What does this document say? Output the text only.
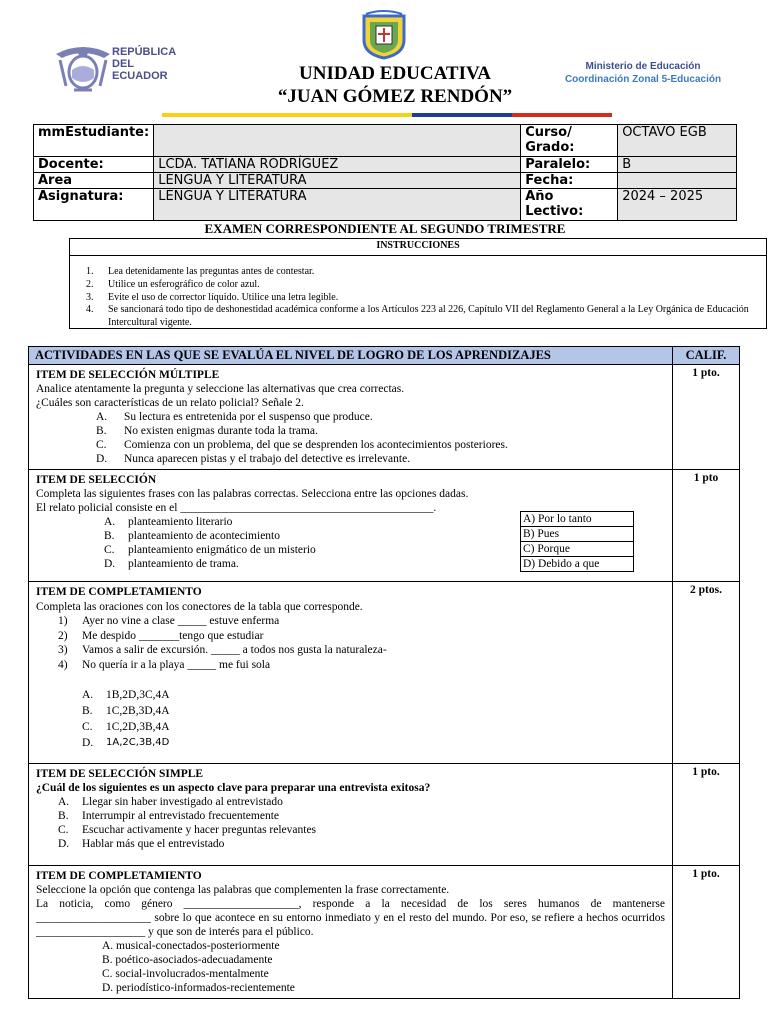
REPÚBLICA
DEL ECUADOR	UNIDAD EDUCATIVA
“JUAN GÓMEZ RENDÓN”
Ministerio de Educación
Coordinación Zonal 5-Educación
mmEstudiante:		Curso/ Grado:	OCTAVO EGB
Docente:	LCDA. TATIANA RODRÍGUEZ	Paralelo:	B
Area	LENGUA Y LITERATURA	Fecha:	
Asignatura:	LENGUA Y LITERATURA	Año Lectivo:	2024 – 2025
EXAMEN CORRESPONDIENTE AL SEGUNDO TRIMESTRE
INSTRUCCIONES
1.	Lea detenidamente las preguntas antes de contestar.
2.	Utilice un esferográfico de color azul.
3.	Evite el uso de corrector líquido. Utilice una letra legible.
4.	Se sancionará todo tipo de deshonestidad académica conforme a los Artículos 223 al 226, Capítulo VII del Reglamento General a la Ley Orgánica de Educación Intercultural vigente.
ACTIVIDADES EN LAS QUE SE EVALÚA EL NIVEL DE LOGRO DE LOS APRENDIZAJES	CALIF.

ITEM DE SELECCIÓN MÚLTIPLE
Analice atentamente la pregunta y seleccione las alternativas que crea correctas.
¿Cuáles son características de un relato policial? Señale 2.
A.	Su lectura es entretenida por el suspenso que produce.
B.	No existen enigmas durante toda la trama.
C.	Comienza con un problema, del que se desprenden los acontecimientos posteriores.
D.	Nunca aparecen pistas y el trabajo del detective es irrelevante.
	1 pto.

ITEM DE SELECCIÓN
Completa las siguientes frases con las palabras correctas. Selecciona entre las opciones dadas.
El relato policial consiste en el ____________________________________________.
A.	planteamiento literario
B.	planteamiento de acontecimiento
C.	planteamiento enigmático de un misterio
D.	planteamiento de trama.
A) Por lo tanto
B) Pues
C) Porque
D) Debido a que
	1 pto

ITEM DE COMPLETAMIENTO
Completa las oraciones con los conectores de la tabla que corresponde.
1)	Ayer no vine a clase _____ estuve enferma
2)	Me despido _______tengo que estudiar
3)	Vamos a salir de excursión. _____ a todos nos gusta la naturaleza-
4)	No quería ir a la playa _____ me fui sola
A.	1B,2D,3C,4A
B.	1C,2B,3D,4A
C.	1C,2D,3B,4A
D.	1A,2C,3B,4D
	2 ptos.

ITEM DE SELECCIÓN SIMPLE
¿Cuál de los siguientes es un aspecto clave para preparar una entrevista exitosa?
A.	Llegar sin haber investigado al entrevistado
B.	Interrumpir al entrevistado frecuentemente
C.	Escuchar activamente y hacer preguntas relevantes
D.	Hablar más que el entrevistado
	1 pto.

ITEM DE COMPLETAMIENTO
Seleccione la opción que contenga las palabras que complementen la frase correctamente.
La noticia, como género ____________________, responde a la necesidad de los seres humanos de mantenerse ____________________ sobre lo que acontece en su entorno inmediato y en el resto del mundo. Por eso, se refiere a hechos ocurridos ___________________ y que son de interés para el público.
A. musical-conectados-posteriormente
B. poético-asociados-adecuadamente
C. social-involucrados-mentalmente
D. periodístico-informados-recientemente
	1 pto.
